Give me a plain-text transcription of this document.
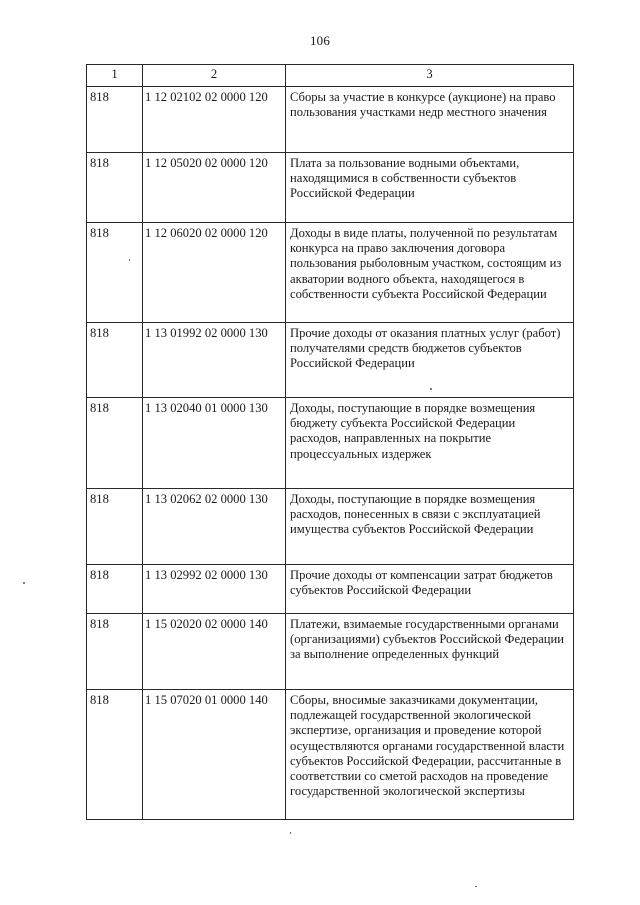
106
1	2	3
818	1 12 02102 02 0000 120	Сборы за участие в конкурсе (аукционе) на право пользования участками недр местного значения
818	1 12 05020 02 0000 120	Плата за пользование водными объектами, находящимися в собственности субъектов Российской Федерации
818	1 12 06020 02 0000 120	Доходы в виде платы, полученной по результатам конкурса на право заключения договора пользования рыболовным участком, состоящим из акватории водного объекта, находящегося в собственности субъекта Российской Федерации
818	1 13 01992 02 0000 130	Прочие доходы от оказания платных услуг (работ) получателями средств бюджетов субъектов Российской Федерации
818	1 13 02040 01 0000 130	Доходы, поступающие в порядке возмещения бюджету субъекта Российской Федерации расходов, направленных на покрытие процессуальных издержек
818	1 13 02062 02 0000 130	Доходы, поступающие в порядке возмещения расходов, понесенных в связи с эксплуатацией имущества субъектов Российской Федерации
818	1 13 02992 02 0000 130	Прочие доходы от компенсации затрат бюджетов субъектов Российской Федерации
818	1 15 02020 02 0000 140	Платежи, взимаемые государственными органами (организациями) субъектов Российской Федерации за выполнение определенных функций
818	1 15 07020 01 0000 140	Сборы, вносимые заказчиками документации, подлежащей государственной экологической экспертизе, организация и проведение которой осуществляются органами государственной власти субъектов Российской Федерации, рассчитанные в соответствии со сметой расходов на проведение государственной экологической экспертизы
